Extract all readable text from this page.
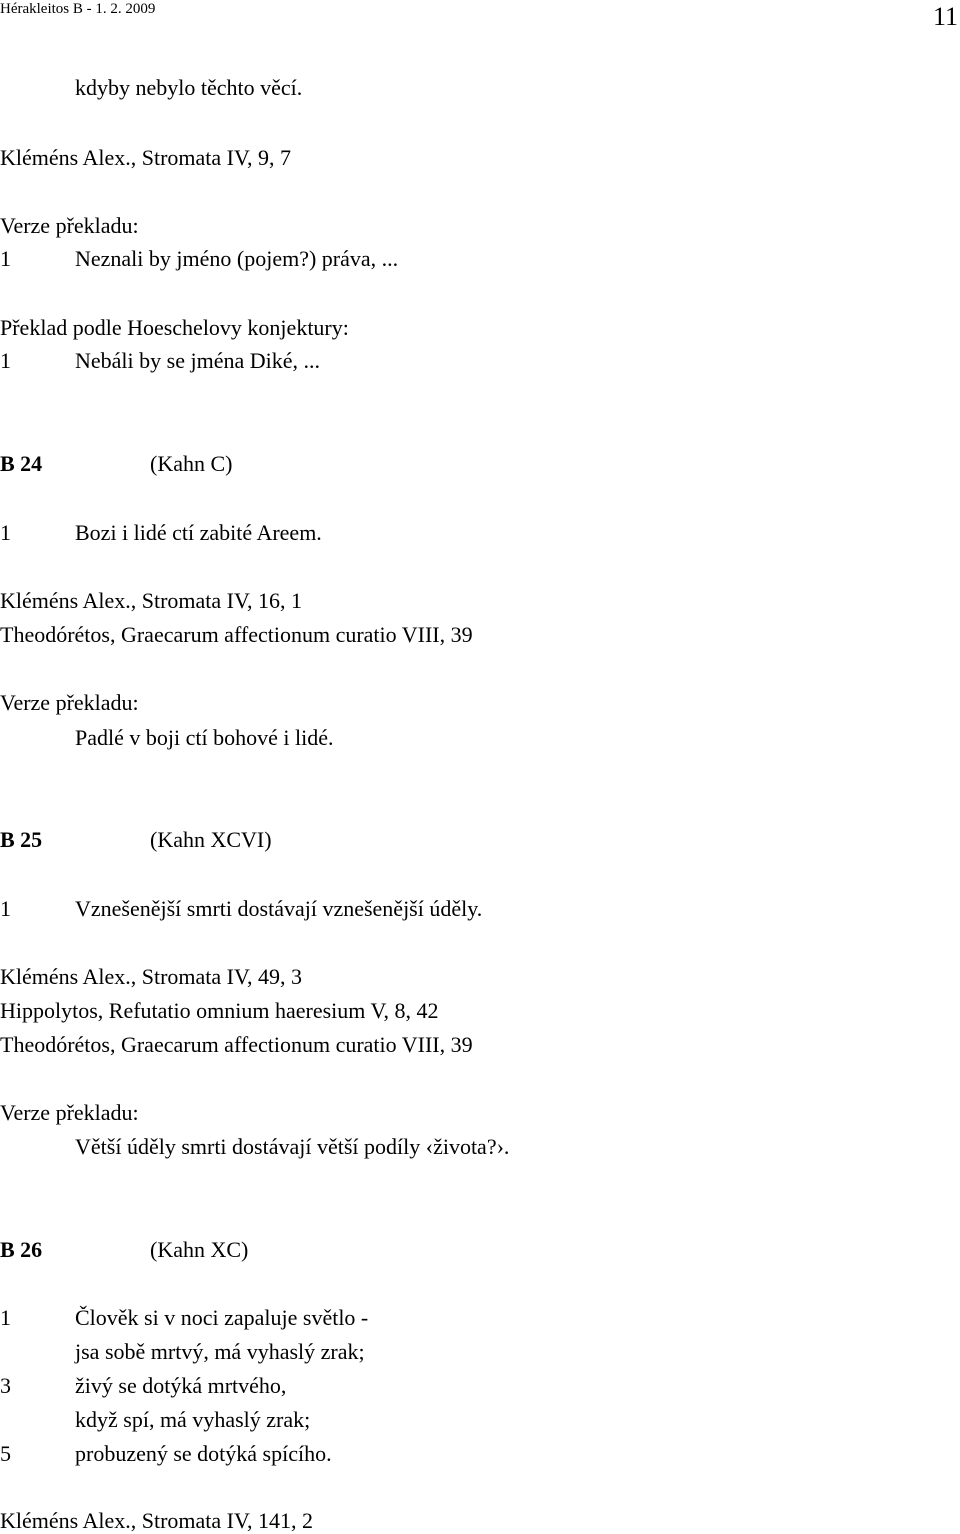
Hérakleitos B - 1. 2. 2009	11
kdyby nebylo těchto věcí.
Kléméns Alex., Stromata IV, 9, 7
Verze překladu:
1	Neznali by jméno (pojem?) práva, ...
Překlad podle Hoeschelovy konjektury:
1	Nebáli by se jména Diké, ...
B 24	(Kahn C)
1	Bozi i lidé ctí zabité Areem.
Kléméns Alex., Stromata IV, 16, 1
Theodórétos, Graecarum affectionum curatio VIII, 39
Verze překladu:
Padlé v boji ctí bohové i lidé.
B 25	(Kahn XCVI)
1	Vznešenější smrti dostávají vznešenější úděly.
Kléméns Alex., Stromata IV, 49, 3
Hippolytos, Refutatio omnium haeresium V, 8, 42
Theodórétos, Graecarum affectionum curatio VIII, 39
Verze překladu:
Větší úděly smrti dostávají větší podíly ‹života?›.
B 26	(Kahn XC)
1	Člověk si v noci zapaluje světlo -
jsa sobě mrtvý, má vyhaslý zrak;
3	živý se dotýká mrtvého,
když spí, má vyhaslý zrak;
5	probuzený se dotýká spícího.
Kléméns Alex., Stromata IV, 141, 2
